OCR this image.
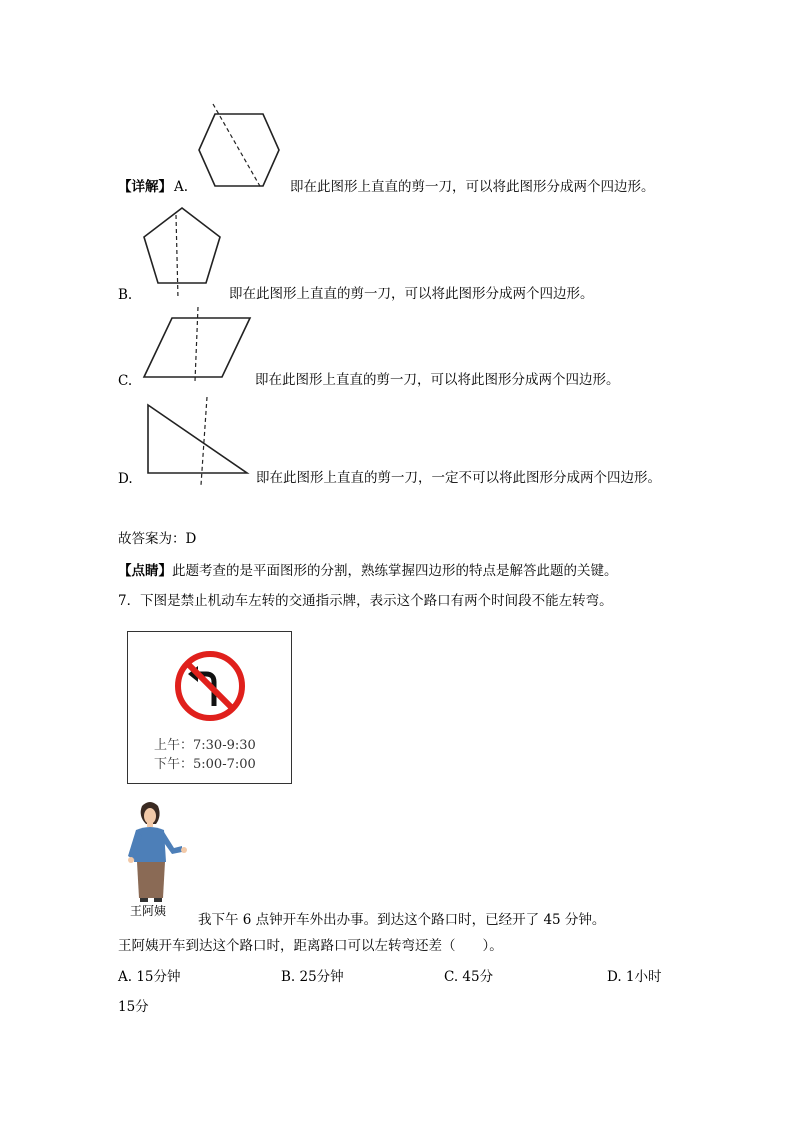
【详解】 A.	即在此图形上直直的剪一刀，可以将此图形分成两个四边形。
B.	即在此图形上直直的剪一刀，可以将此图形分成两个四边形。
C.	即在此图形上直直的剪一刀，可以将此图形分成两个四边形。
D.	即在此图形上直直的剪一刀，一定不可以将此图形分成两个四边形。
故答案为：D
【点睛】此题考查的是平面图形的分割，熟练掌握四边形的特点是解答此题的关键。
7．下图是禁止机动车左转的交通指示牌，表示这个路口有两个时间段不能左转弯。
上午：7:30-9:30
下午：5:00-7:00
王阿姨
我下午 6 点钟开车外出办事。到达这个路口时，已经开了 45 分钟。
王阿姨开车到达这个路口时，距离路口可以左转弯还差（　　）。
A. 15分钟	B. 25分钟	C. 45分	D. 1小时
15分
